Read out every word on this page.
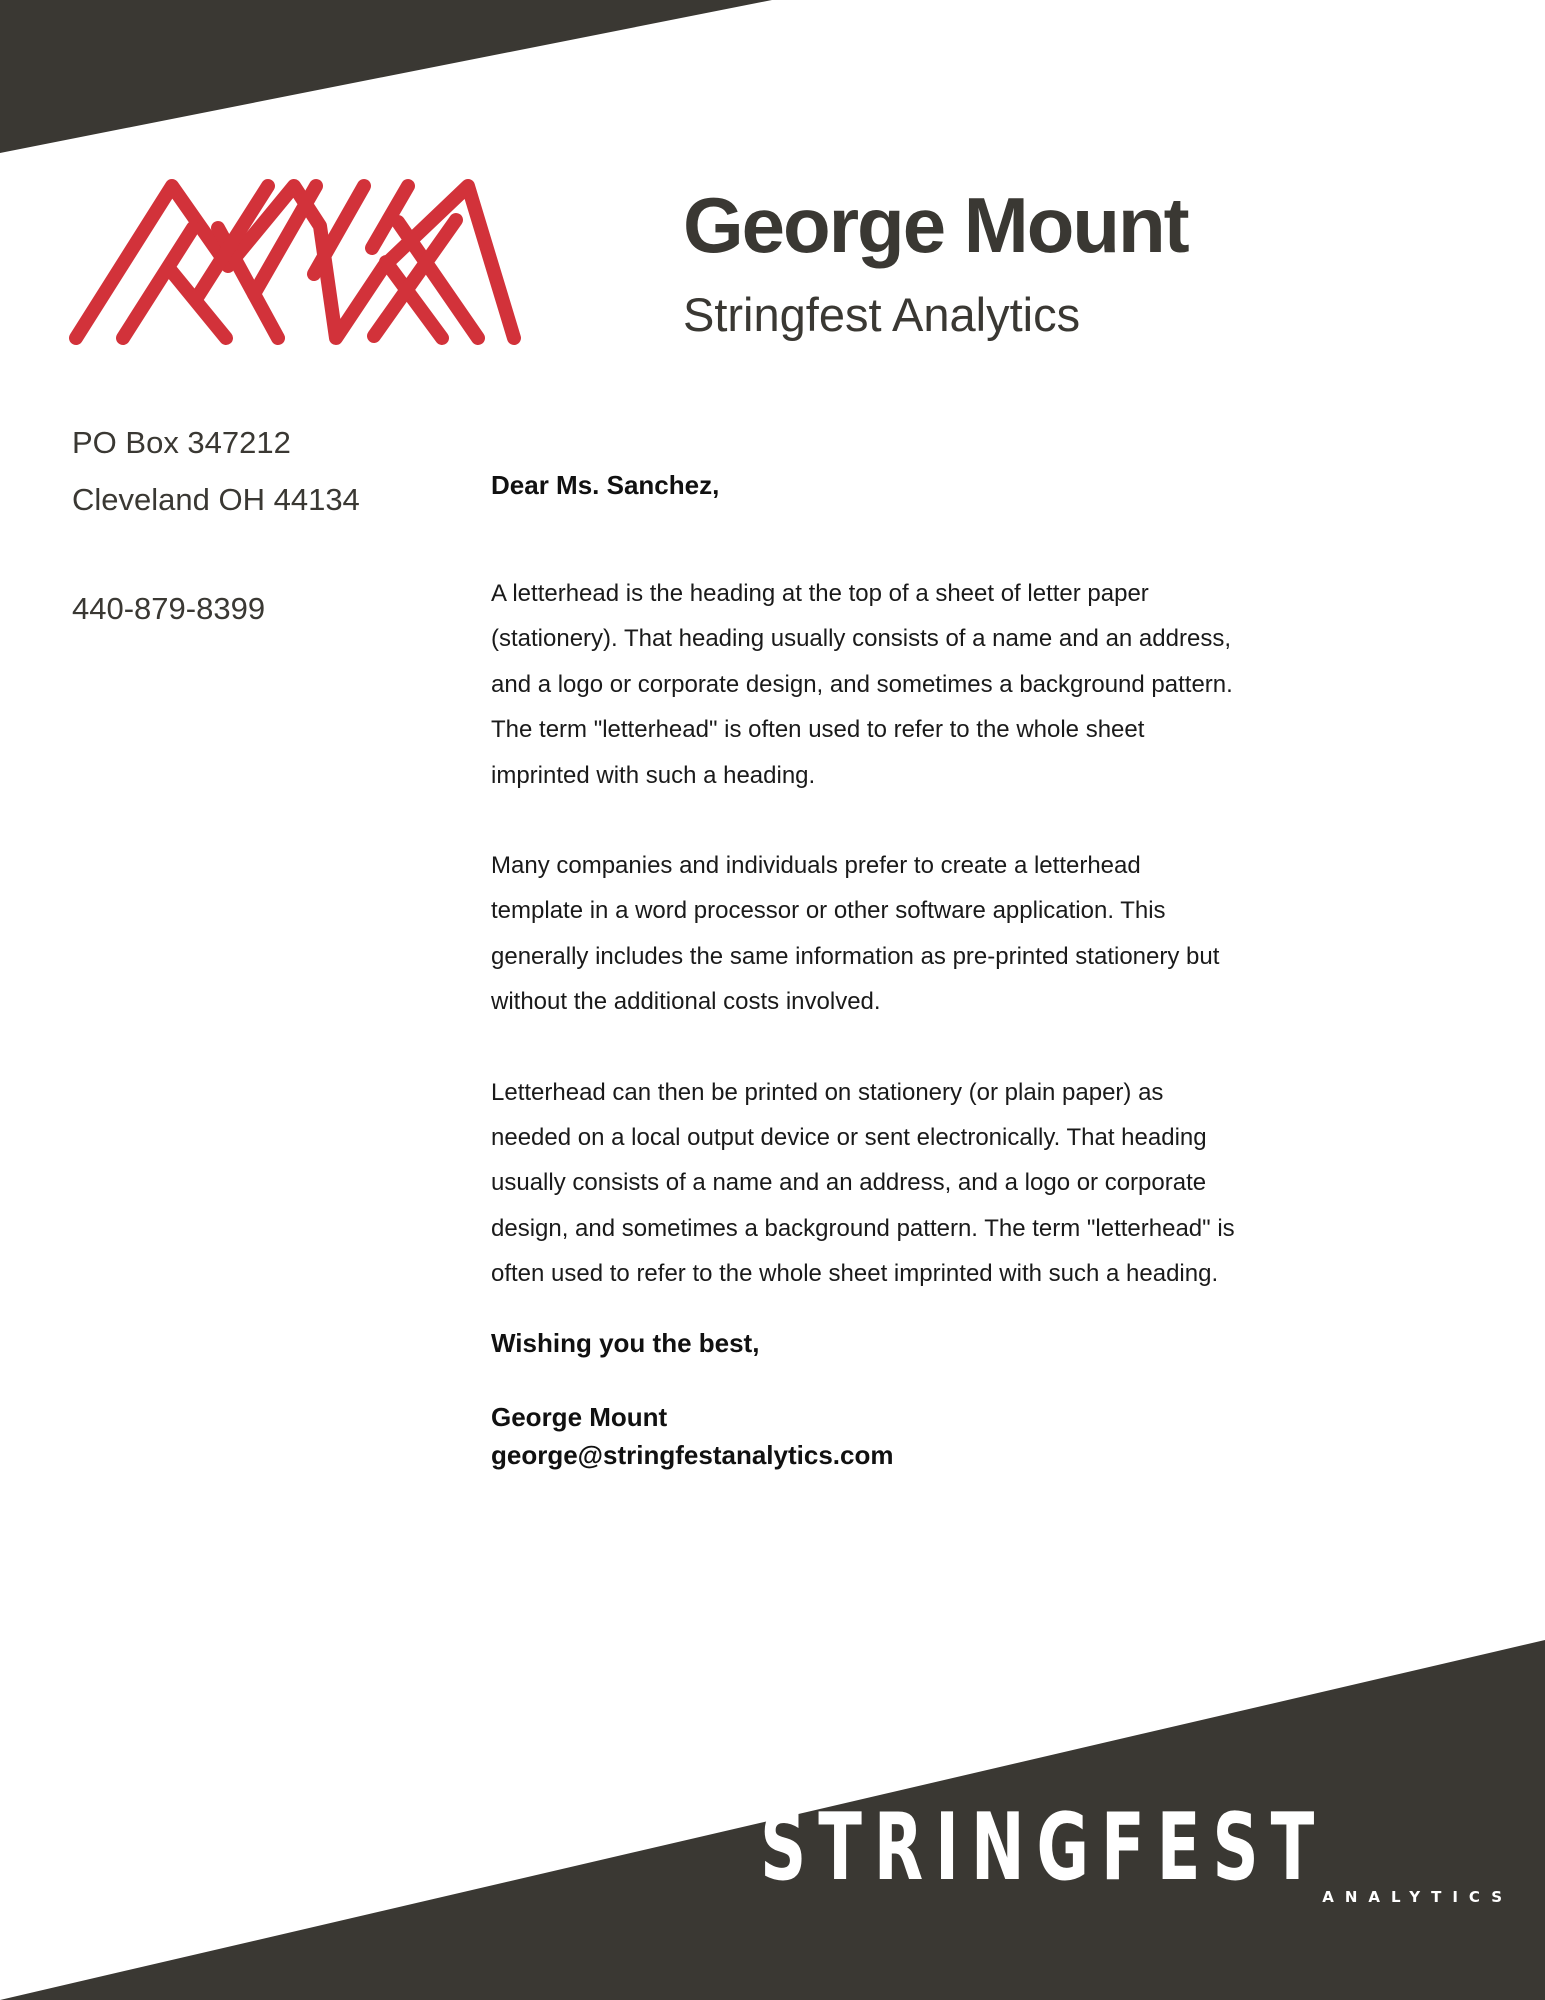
George Mount
Stringfest Analytics
PO Box 347212
Cleveland OH 44134
440-879-8399
Dear Ms. Sanchez,

A letterhead is the heading at the top of a sheet of letter paper (stationery). That heading usually consists of a name and an address, and a logo or corporate design, and sometimes a background pattern. The term "letterhead" is often used to refer to the whole sheet imprinted with such a heading.

Many companies and individuals prefer to create a letterhead template in a word processor or other software application. This generally includes the same information as pre-printed stationery but without the additional costs involved.

Letterhead can then be printed on stationery (or plain paper) as needed on a local output device or sent electronically. That heading usually consists of a name and an address, and a logo or corporate design, and sometimes a background pattern. The term "letterhead" is often used to refer to the whole sheet imprinted with such a heading.

Wishing you the best,
George Mount
george@stringfestanalytics.com
STRINGFESTANALYTICS
